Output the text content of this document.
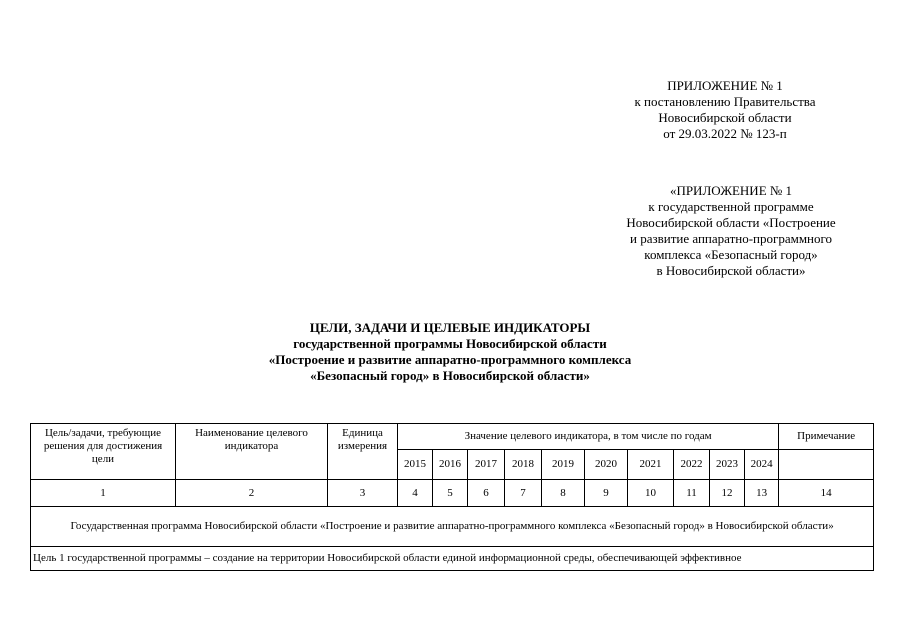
ПРИЛОЖЕНИЕ № 1
к постановлению Правительства
Новосибирской области
от 29.03.2022 № 123-п
«ПРИЛОЖЕНИЕ № 1
к государственной программе
Новосибирской области «Построение
и развитие аппаратно-программного
комплекса «Безопасный город»
в Новосибирской области»
ЦЕЛИ, ЗАДАЧИ И ЦЕЛЕВЫЕ ИНДИКАТОРЫ
государственной программы Новосибирской области
«Построение и развитие аппаратно-программного комплекса
«Безопасный город» в Новосибирской области»
Цель/задачи, требующие решения для достижения цели	Наименование целевого индикатора	Единица измерения	Значение целевого индикатора, в том числе по годам										Примечание
			2015	2016	2017	2018	2019	2020	2021	2022	2023	2024	
1	2	3	4	5	6	7	8	9	10	11	12	13	14
Государственная программа Новосибирской области «Построение и развитие аппаратно-программного комплекса «Безопасный город» в Новосибирской области»													
Цель 1 государственной программы – создание на территории Новосибирской области единой информационной среды, обеспечивающей эффективное													
